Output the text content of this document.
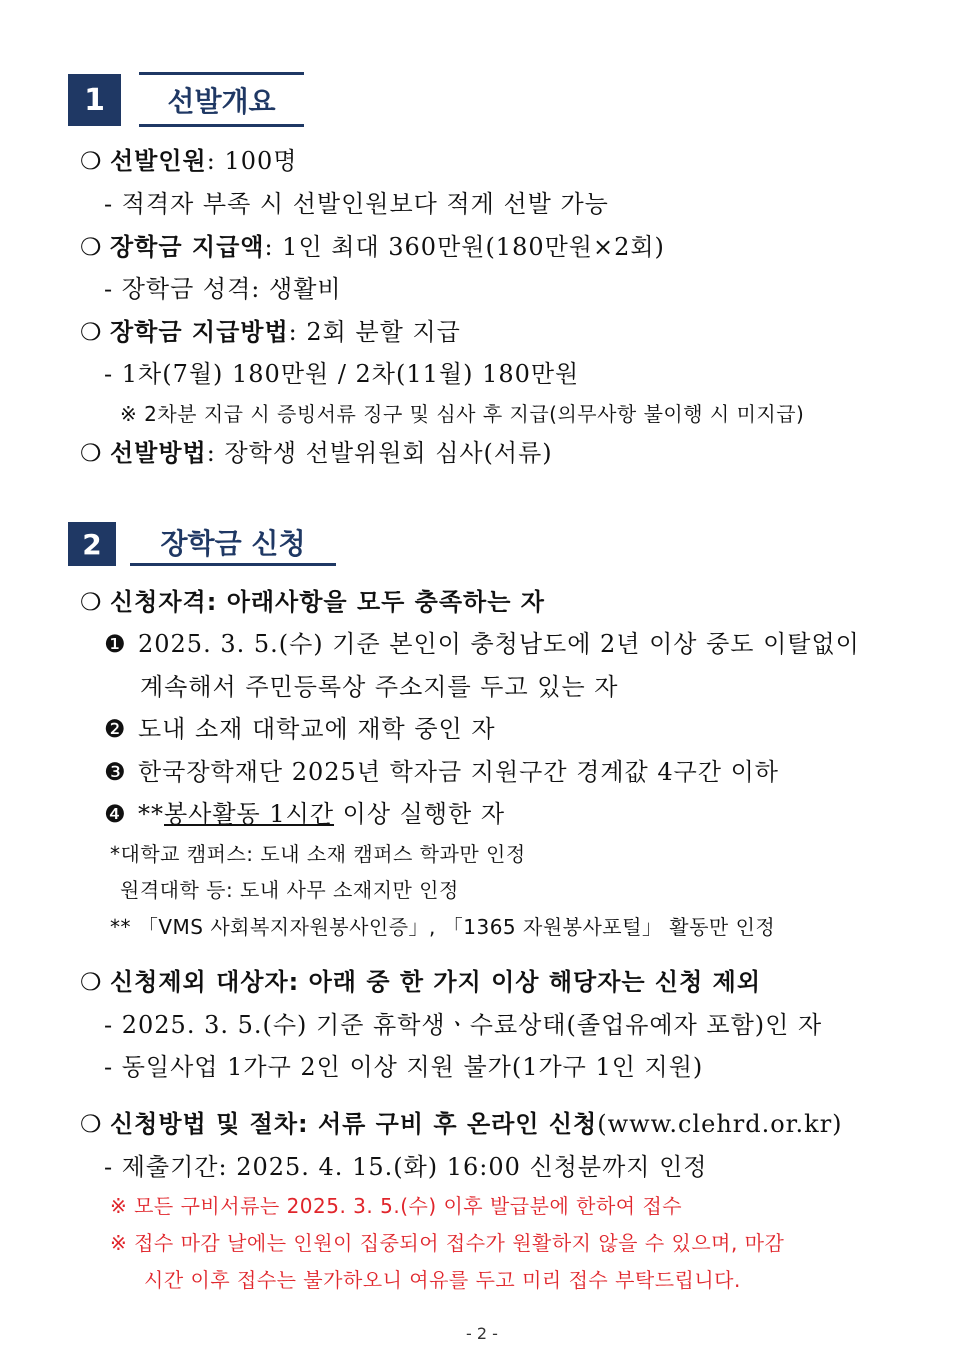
1	선발개요
❍ 선발인원: 100명
- 적격자 부족 시 선발인원보다 적게 선발 가능
❍ 장학금 지급액: 1인 최대 360만원(180만원×2회)
- 장학금 성격: 생활비
❍ 장학금 지급방법: 2회 분할 지급
- 1차(7월) 180만원 / 2차(11월) 180만원
※ 2차분 지급 시 증빙서류 징구 및 심사 후 지급(의무사항 불이행 시 미지급)
❍ 선발방법: 장학생 선발위원회 심사(서류)
2	장학금 신청
❍ 신청자격: 아래사항을 모두 충족하는 자
❶ 2025. 3. 5.(수) 기준 본인이 충청남도에 2년 이상 중도 이탈없이
계속해서 주민등록상 주소지를 두고 있는 자
❷ 도내 소재 대학교에 재학 중인 자
❸ 한국장학재단 2025년 학자금 지원구간 경계값 4구간 이하
❹ **봉사활동 1시간 이상 실행한 자
*대학교 캠퍼스: 도내 소재 캠퍼스 학과만 인정
원격대학 등: 도내 사무 소재지만 인정
** 「VMS 사회복지자원봉사인증」, 「1365 자원봉사포털」 활동만 인정
❍ 신청제외 대상자: 아래 중 한 가지 이상 해당자는 신청 제외
- 2025. 3. 5.(수) 기준 휴학생ㆍ수료상태(졸업유예자 포함)인 자
- 동일사업 1가구 2인 이상 지원 불가(1가구 1인 지원)
❍ 신청방법 및 절차: 서류 구비 후 온라인 신청(www.clehrd.or.kr)
- 제출기간: 2025. 4. 15.(화) 16:00 신청분까지 인정
※ 모든 구비서류는 2025. 3. 5.(수) 이후 발급분에 한하여 접수
※ 접수 마감 날에는 인원이 집중되어 접수가 원활하지 않을 수 있으며, 마감
시간 이후 접수는 불가하오니 여유를 두고 미리 접수 부탁드립니다.
- 2 -
